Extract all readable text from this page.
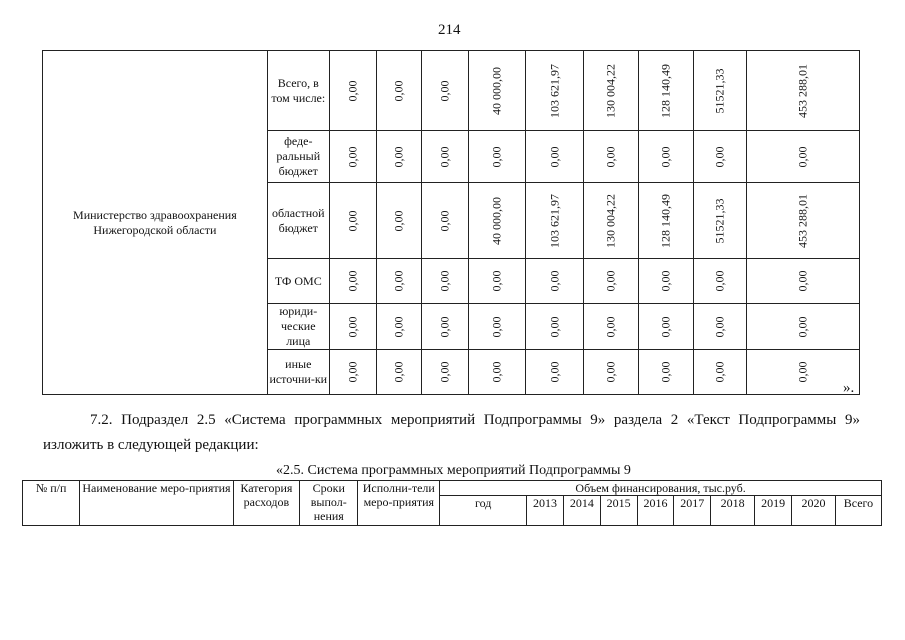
214
Министерство здравоохранения Нижегородской области	Всего, в том числе:	0,00	0,00	0,00	40 000,00	103 621,97	130 004,22	128 140,49	51521,33	453 288,01

	феде-ральный бюджет	0,00	0,00	0,00	0,00	0,00	0,00	0,00	0,00	0,00

	областной бюджет	0,00	0,00	0,00	40 000,00	103 621,97	130 004,22	128 140,49	51521,33	453 288,01

	ТФ ОМС	0,00	0,00	0,00	0,00	0,00	0,00	0,00	0,00	0,00

	юриди-ческие лица	0,00	0,00	0,00	0,00	0,00	0,00	0,00	0,00	0,00

	иные источни-ки	0,00	0,00	0,00	0,00	0,00	0,00	0,00	0,00	0,00
».
7.2. Подраздел 2.5 «Система программных мероприятий Подпрограммы 9» раздела 2 «Текст Подпрограммы 9» изложить в следующей редакции:
«2.5. Система программных мероприятий Подпрограммы 9
№ п/п	Наименование меро-приятия	Категория расходов	Сроки выпол-нения	Исполни-тели меро-приятия	Объем финансирования, тыс.руб.									
					год	2013	2014	2015	2016	2017	2018	2019	2020	Всего
